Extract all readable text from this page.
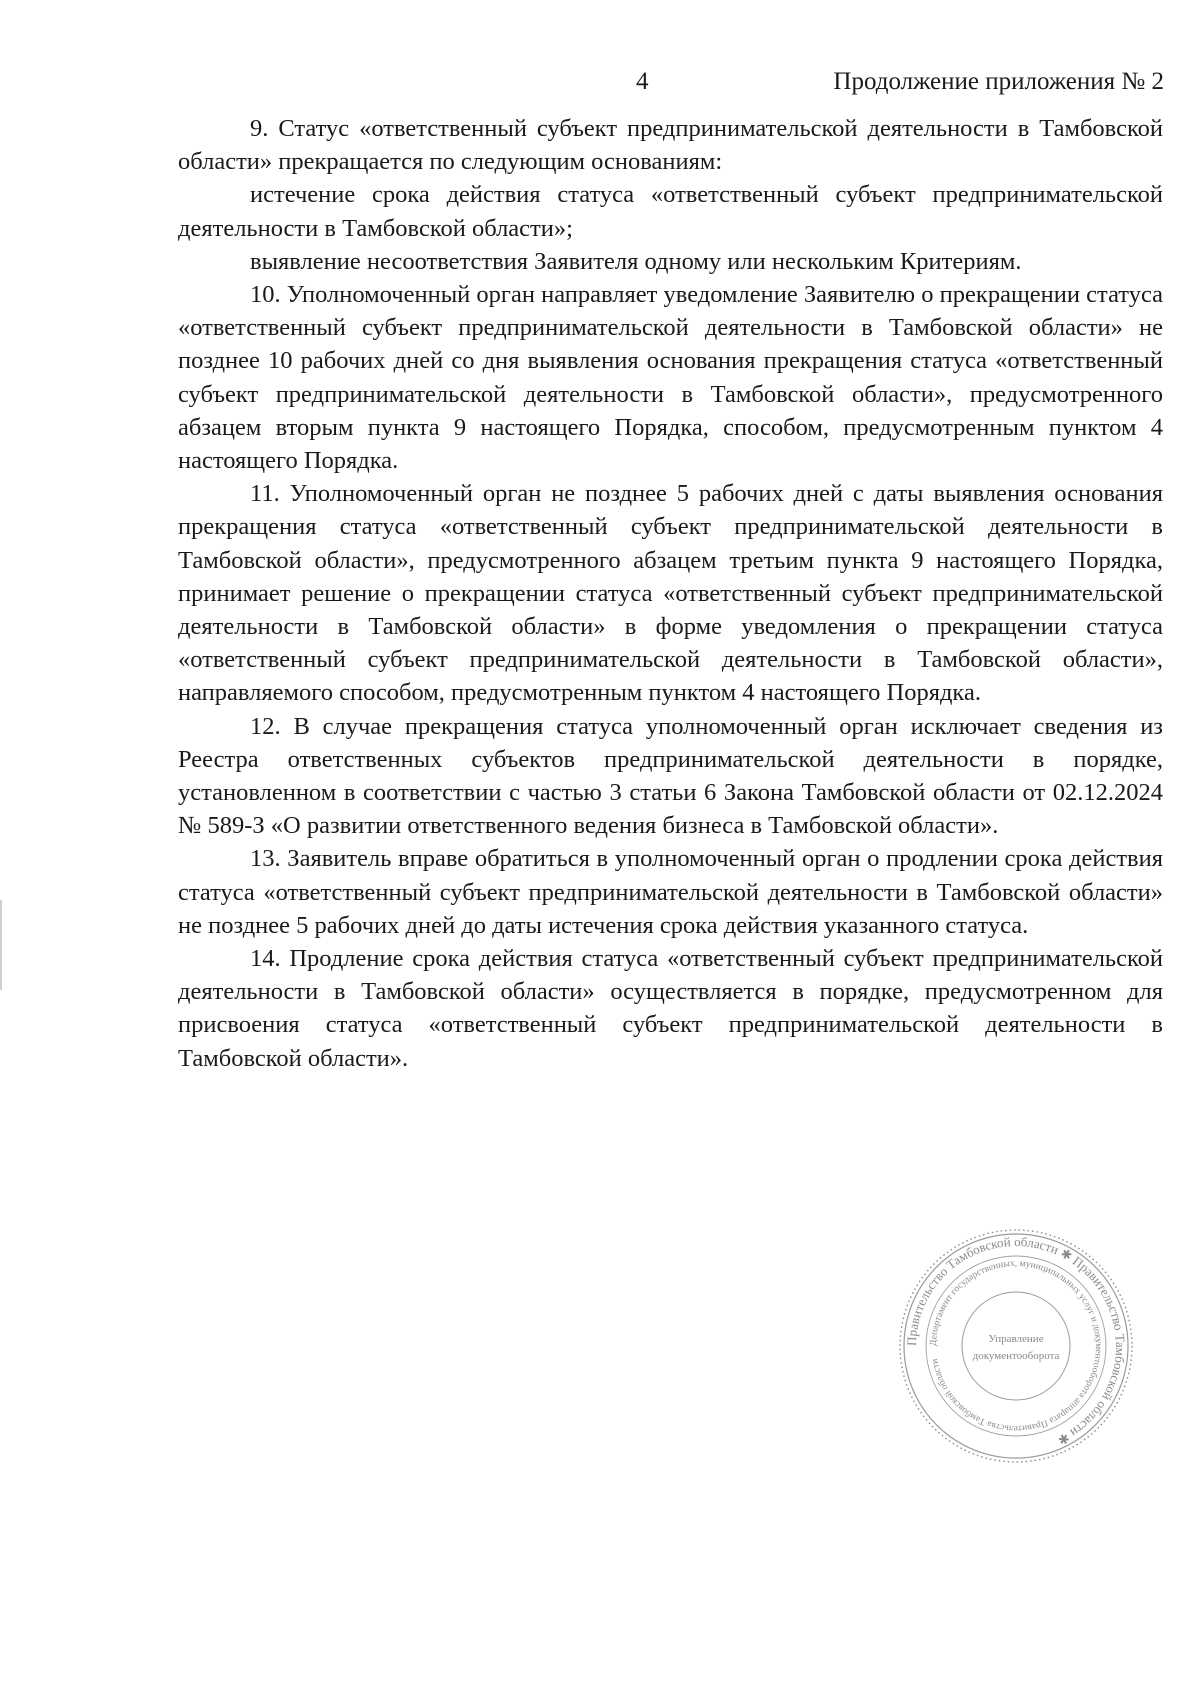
4	Продолжение приложения № 2

9. Статус «ответственный субъект предпринимательской деятельности в Тамбовской области» прекращается по следующим основаниям:

истечение срока действия статуса «ответственный субъект предпринимательской деятельности в Тамбовской области»;

выявление несоответствия Заявителя одному или нескольким Критериям.

10. Уполномоченный орган направляет уведомление Заявителю о прекращении статуса «ответственный субъект предпринимательской деятельности в Тамбовской области» не позднее 10 рабочих дней со дня выявления основания прекращения статуса «ответственный субъект предпринимательской деятельности в Тамбовской области», предусмотренного абзацем вторым пункта 9 настоящего Порядка, способом, предусмотренным пунктом 4 настоящего Порядка.

11. Уполномоченный орган не позднее 5 рабочих дней с даты выявления основания прекращения статуса «ответственный субъект предпринимательской деятельности в Тамбовской области», предусмотренного абзацем третьим пункта 9 настоящего Порядка, принимает решение о прекращении статуса «ответственный субъект предпринимательской деятельности в Тамбовской области» в форме уведомления о прекращении статуса «ответственный субъект предпринимательской деятельности в Тамбовской области», направляемого способом, предусмотренным пунктом 4 настоящего Порядка.

12. В случае прекращения статуса уполномоченный орган исключает сведения из Реестра ответственных субъектов предпринимательской деятельности в порядке, установленном в соответствии с частью 3 статьи 6 Закона Тамбовской области от 02.12.2024 № 589-З «О развитии ответственного ведения бизнеса в Тамбовской области».

13. Заявитель вправе обратиться в уполномоченный орган о продлении срока действия статуса «ответственный субъект предпринимательской деятельности в Тамбовской области» не позднее 5 рабочих дней до даты истечения срока действия указанного статуса.

14. Продление срока действия статуса «ответственный субъект предпринимательской деятельности в Тамбовской области» осуществляется в порядке, предусмотренном для присвоения статуса «ответственный субъект предпринимательской деятельности в Тамбовской области».

Правительство Тамбовской области ✱ Правительство Тамбовской области ✱
Департамент государственных, муниципальных услуг и документооборота аппарата Правительства Тамбовской области
Управление
документооборота
